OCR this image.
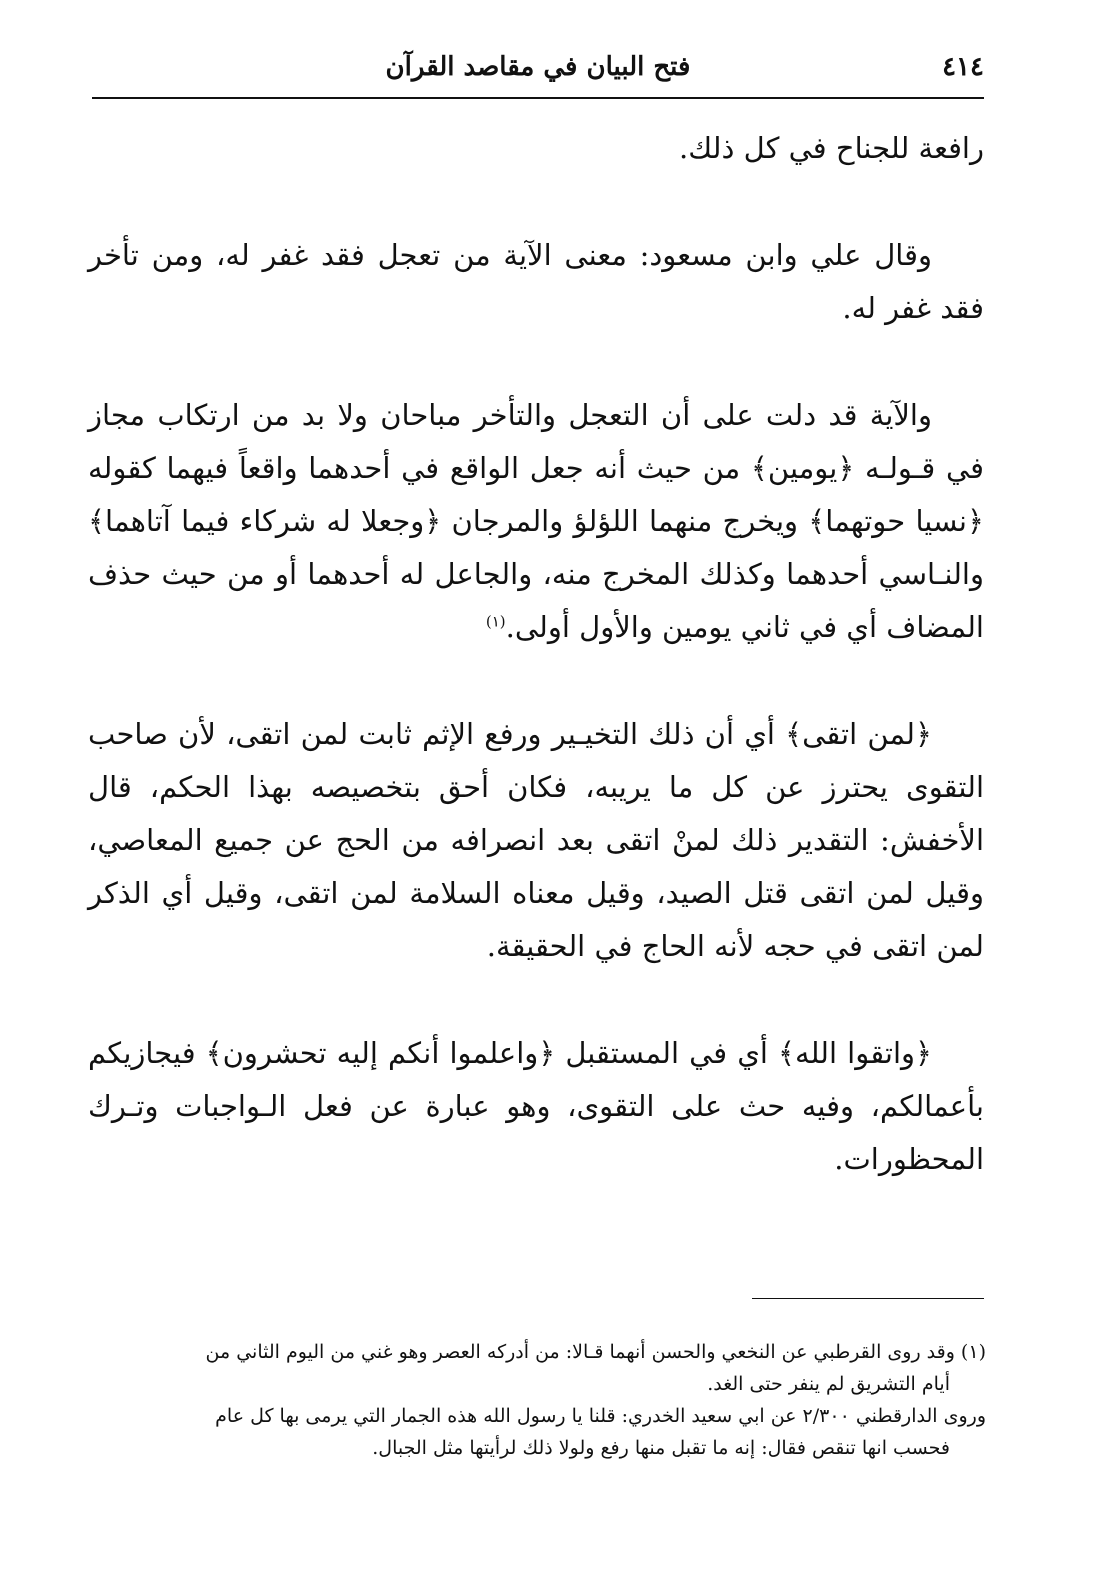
٤١٤
فتح البيان في مقاصد القرآن

رافعة للجناح في كل ذلك.

وقال علي وابن مسعود: معنى الآية من تعجل فقد غفر له، ومن تأخر فقد غفر له.

والآية قد دلت على أن التعجل والتأخر مباحان ولا بد من ارتكاب مجاز في قـولـه ﴿يومين﴾ من حيث أنه جعل الواقع في أحدهما واقعاً فيهما كقوله ﴿نسيا حوتهما﴾ ويخرج منهما اللؤلؤ والمرجان ﴿وجعلا له شركاء فيما آتاهما﴾ والنـاسي أحدهما وكذلك المخرج منه، والجاعل له أحدهما أو من حيث حذف المضاف أي في ثاني يومين والأول أولى.$^{(١)}$

﴿لمن اتقى﴾ أي أن ذلك التخيـير ورفع الإثم ثابت لمن اتقى، لأن صاحب التقوى يحترز عن كل ما يريبه، فكان أحق بتخصيصه بهذا الحكم، قال الأخفش: التقدير ذلك لمنْ اتقى بعد انصرافه من الحج عن جميع المعاصي، وقيل لمن اتقى قتل الصيد، وقيل معناه السلامة لمن اتقى، وقيل أي الذكر لمن اتقى في حجه لأنه الحاج في الحقيقة.

﴿واتقوا الله﴾ أي في المستقبل ﴿واعلموا أنكم إليه تحشرون﴾ فيجازيكم بأعمالكم، وفيه حث على التقوى، وهو عبارة عن فعل الـواجبات وتـرك المحظورات.

(١) وقد روى القرطبي عن النخعي والحسن أنهما قـالا: من أدركه العصر وهو غني من اليوم الثاني من

أيام التشريق لم ينفر حتى الغد.

وروى الدارقطني ٢/٣٠٠ عن ابي سعيد الخدري: قلنا يا رسول الله هذه الجمار التي يرمى بها كل عام

فحسب انها تنقص فقال: إنه ما تقبل منها رفع ولولا ذلك لرأيتها مثل الجبال.
